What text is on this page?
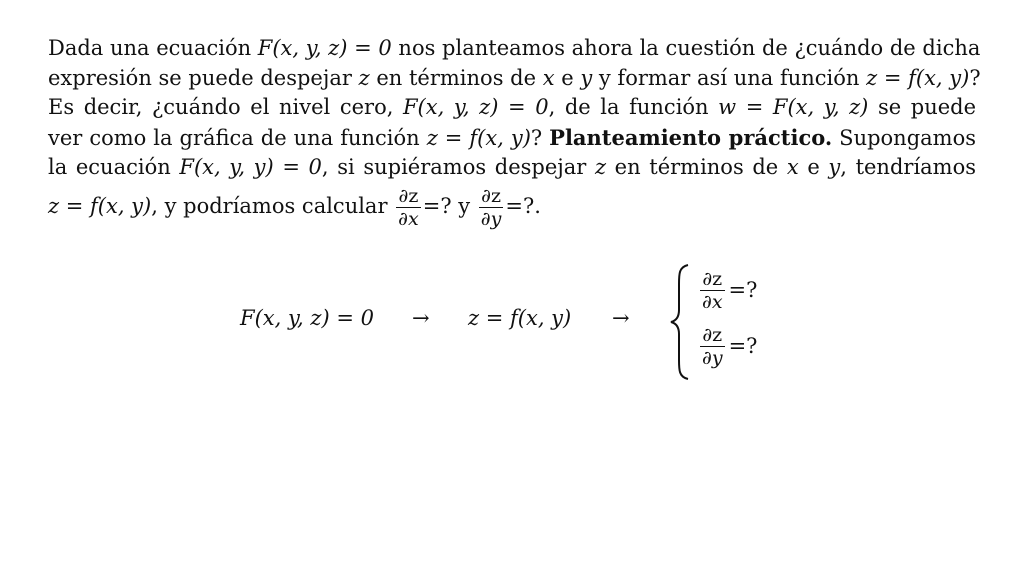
Dada una ecuación F(x, y, z) = 0 nos planteamos ahora la cuestión de ¿cuándo de dicha
expresión se puede despejar z en términos de x e y y formar así una función z = f(x, y)?
Es decir, ¿cuándo el nivel cero, F(x, y, z) = 0, de la función w = F(x, y, z) se puede
ver como la gráfica de una función z = f(x, y)? Planteamiento práctico. Supongamos
la ecuación F(x, y, y) = 0, si supiéramos despejar z en términos de x e y, tendríamos
z = f(x, y), y podríamos calcular $\frac{\partial z}{\partial x}$ =? y $\frac{\partial z}{\partial y}$ =?.
F(x, y, z) = 0 → z = f(x, y) →
$\frac{\partial z}{\partial x}$ =?
$\frac{\partial z}{\partial y}$ =?
